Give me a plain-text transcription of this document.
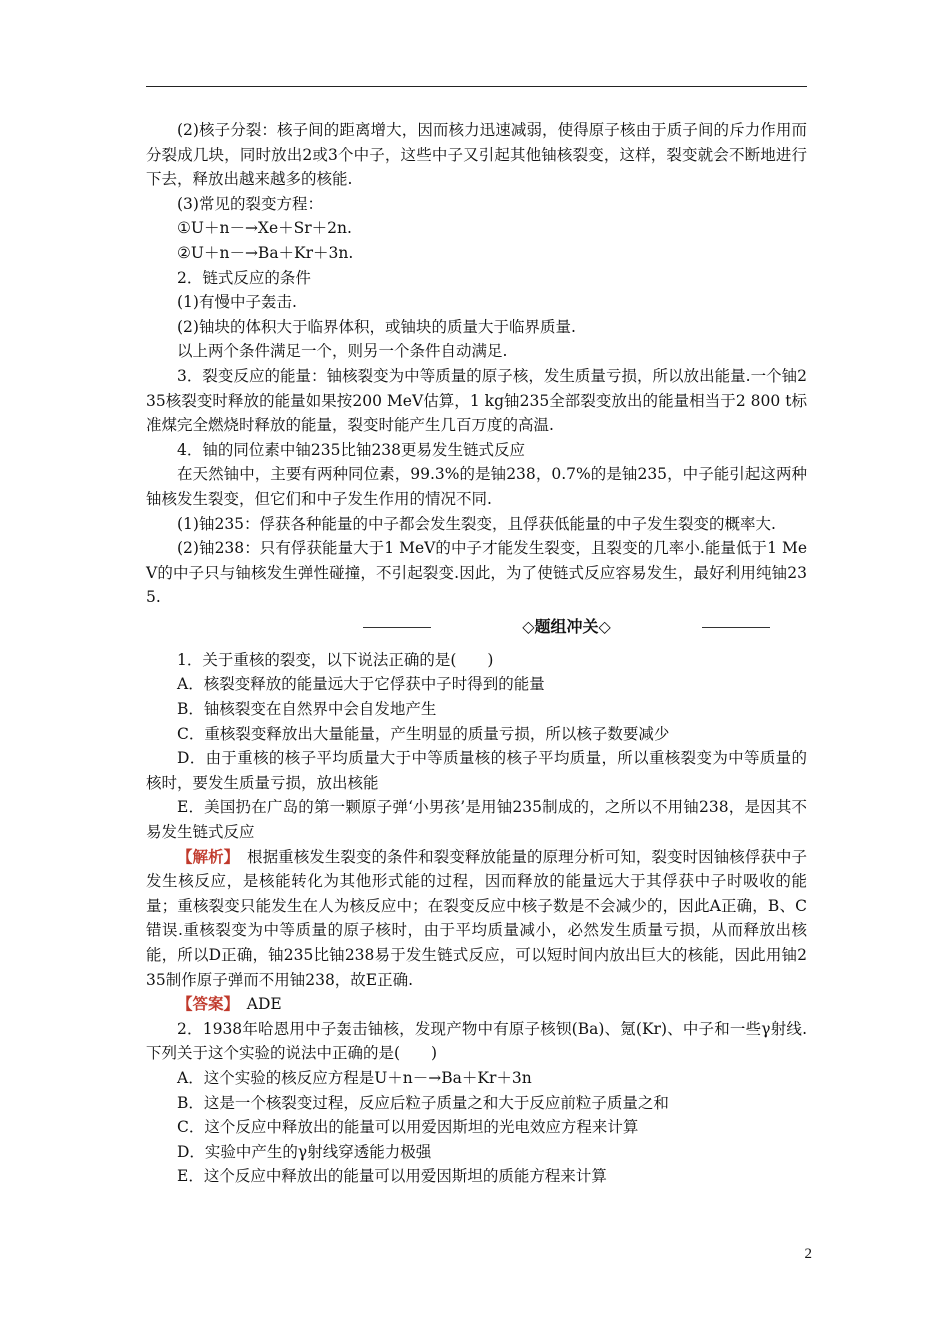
(2)核子分裂：核子间的距离增大，因而核力迅速减弱，使得原子核由于质子间的斥力作用而分裂成几块，同时放出2或3个中子，这些中子又引起其他铀核裂变，这样，裂变就会不断地进行下去，释放出越来越多的核能.

(3)常见的裂变方程：

①U＋n－→Xe＋Sr＋2n.

②U＋n－→Ba＋Kr＋3n.

2．链式反应的条件

(1)有慢中子轰击.

(2)铀块的体积大于临界体积，或铀块的质量大于临界质量.

以上两个条件满足一个，则另一个条件自动满足.

3．裂变反应的能量：铀核裂变为中等质量的原子核，发生质量亏损，所以放出能量.一个铀235核裂变时释放的能量如果按200 MeV估算，1 kg铀235全部裂变放出的能量相当于2 800 t标准煤完全燃烧时释放的能量，裂变时能产生几百万度的高温.

4．铀的同位素中铀235比铀238更易发生链式反应

在天然铀中，主要有两种同位素，99.3%的是铀238，0.7%的是铀235，中子能引起这两种铀核发生裂变，但它们和中子发生作用的情况不同.

(1)铀235：俘获各种能量的中子都会发生裂变，且俘获低能量的中子发生裂变的概率大.

(2)铀238：只有俘获能量大于1 MeV的中子才能发生裂变，且裂变的几率小.能量低于1 MeV的中子只与铀核发生弹性碰撞，不引起裂变.因此，为了使链式反应容易发生，最好利用纯铀235.

◇题组冲关◇

1．关于重核的裂变，以下说法正确的是(　　)

A．核裂变释放的能量远大于它俘获中子时得到的能量

B．铀核裂变在自然界中会自发地产生

C．重核裂变释放出大量能量，产生明显的质量亏损，所以核子数要减少

D．由于重核的核子平均质量大于中等质量核的核子平均质量，所以重核裂变为中等质量的核时，要发生质量亏损，放出核能

E．美国扔在广岛的第一颗原子弹‘小男孩’是用铀235制成的，之所以不用铀238，是因其不易发生链式反应

【解析】　根据重核发生裂变的条件和裂变释放能量的原理分析可知，裂变时因铀核俘获中子发生核反应，是核能转化为其他形式能的过程，因而释放的能量远大于其俘获中子时吸收的能量；重核裂变只能发生在人为核反应中；在裂变反应中核子数是不会减少的，因此A正确，B、C错误.重核裂变为中等质量的原子核时，由于平均质量减小，必然发生质量亏损，从而释放出核能，所以D正确，铀235比铀238易于发生链式反应，可以短时间内放出巨大的核能，因此用铀235制作原子弹而不用铀238，故E正确.

【答案】　ADE

2．1938年哈恩用中子轰击铀核，发现产物中有原子核钡(Ba)、氪(Kr)、中子和一些γ射线.下列关于这个实验的说法中正确的是(　　)

A．这个实验的核反应方程是U＋n－→Ba＋Kr＋3n

B．这是一个核裂变过程，反应后粒子质量之和大于反应前粒子质量之和

C．这个反应中释放出的能量可以用爱因斯坦的光电效应方程来计算

D．实验中产生的γ射线穿透能力极强

E．这个反应中释放出的能量可以用爱因斯坦的质能方程来计算

2
